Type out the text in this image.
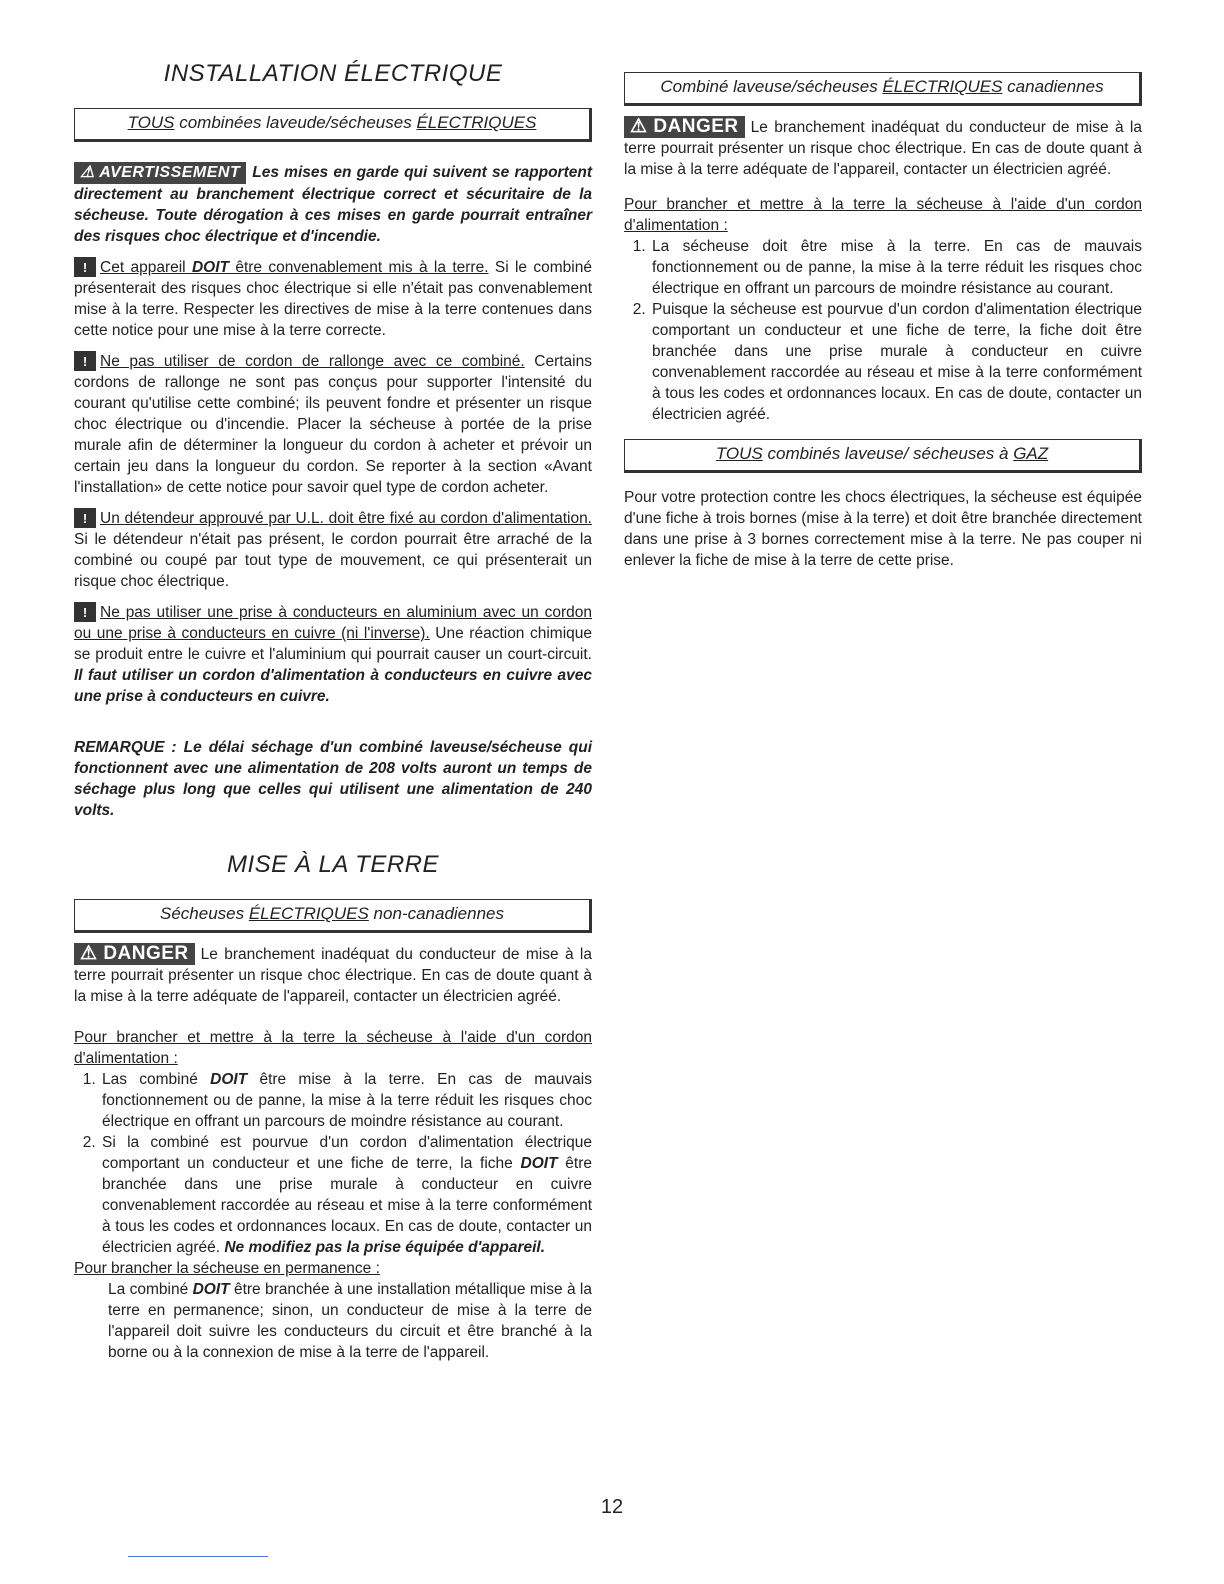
INSTALLATION ÉLECTRIQUE
TOUS combinées laveude/sécheuses ÉLECTRIQUES

⚠ AVERTISSEMENT Les mises en garde qui suivent se rapportent directement au branchement électrique correct et sécuritaire de la sécheuse. Toute dérogation à ces mises en garde pourrait entraîner des risques choc électrique et d'incendie.

! Cet appareil DOIT être convenablement mis à la terre. Si le combiné présenterait des risques choc électrique si elle n'était pas convenablement mise à la terre. Respecter les directives de mise à la terre contenues dans cette notice pour une mise à la terre correcte.

! Ne pas utiliser de cordon de rallonge avec ce combiné. Certains cordons de rallonge ne sont pas conçus pour supporter l'intensité du courant qu'utilise cette combiné; ils peuvent fondre et présenter un risque choc électrique ou d'incendie. Placer la sécheuse à portée de la prise murale afin de déterminer la longueur du cordon à acheter et prévoir un certain jeu dans la longueur du cordon. Se reporter à la section «Avant l'installation» de cette notice pour savoir quel type de cordon acheter.

! Un détendeur approuvé par U.L. doit être fixé au cordon d'alimentation. Si le détendeur n'était pas présent, le cordon pourrait être arraché de la combiné ou coupé par tout type de mouvement, ce qui présenterait un risque choc électrique.

! Ne pas utiliser une prise à conducteurs en aluminium avec un cordon ou une prise à conducteurs en cuivre (ni l'inverse). Une réaction chimique se produit entre le cuivre et l'aluminium qui pourrait causer un court-circuit. Il faut utiliser un cordon d'alimentation à conducteurs en cuivre avec une prise à conducteurs en cuivre.

REMARQUE : Le délai séchage d'un combiné laveuse/sécheuse qui fonctionnent avec une alimentation de 208 volts auront un temps de séchage plus long que celles qui utilisent une alimentation de 240 volts.

MISE À LA TERRE
Sécheuses ÉLECTRIQUES non-canadiennes

⚠ DANGER Le branchement inadéquat du conducteur de mise à la terre pourrait présenter un risque choc électrique. En cas de doute quant à la mise à la terre adéquate de l'appareil, contacter un électricien agréé.

Pour brancher et mettre à la terre la sécheuse à l'aide d'un cordon d'alimentation :

1. Las combiné DOIT être mise à la terre. En cas de mauvais fonctionnement ou de panne, la mise à la terre réduit les risques choc électrique en offrant un parcours de moindre résistance au courant.
2. Si la combiné est pourvue d'un cordon d'alimentation électrique comportant un conducteur et une fiche de terre, la fiche DOIT être branchée dans une prise murale à conducteur en cuivre convenablement raccordée au réseau et mise à la terre conformément à tous les codes et ordonnances locaux. En cas de doute, contacter un électricien agréé. Ne modifiez pas la prise équipée d'appareil.

Pour brancher la sécheuse en permanence :

La combiné DOIT être branchée à une installation métallique mise à la terre en permanence; sinon, un conducteur de mise à la terre de l'appareil doit suivre les conducteurs du circuit et être branché à la borne ou à la connexion de mise à la terre de l'appareil.

Combiné laveuse/sécheuses ÉLECTRIQUES canadiennes

⚠ DANGER Le branchement inadéquat du conducteur de mise à la terre pourrait présenter un risque choc électrique. En cas de doute quant à la mise à la terre adéquate de l'appareil, contacter un électricien agréé.

Pour brancher et mettre à la terre la sécheuse à l'aide d'un cordon d'alimentation :

1. La sécheuse doit être mise à la terre. En cas de mauvais fonctionnement ou de panne, la mise à la terre réduit les risques choc électrique en offrant un parcours de moindre résistance au courant.
2. Puisque la sécheuse est pourvue d'un cordon d'alimentation électrique comportant un conducteur et une fiche de terre, la fiche doit être branchée dans une prise murale à conducteur en cuivre convenablement raccordée au réseau et mise à la terre conformément à tous les codes et ordonnances locaux. En cas de doute, contacter un électricien agréé.
TOUS combinés laveuse/ sécheuses à GAZ

Pour votre protection contre les chocs électriques, la sécheuse est équipée d'une fiche à trois bornes (mise à la terre) et doit être branchée directement dans une prise à 3 bornes correctement mise à la terre. Ne pas couper ni enlever la fiche de mise à la terre de cette prise.

12
